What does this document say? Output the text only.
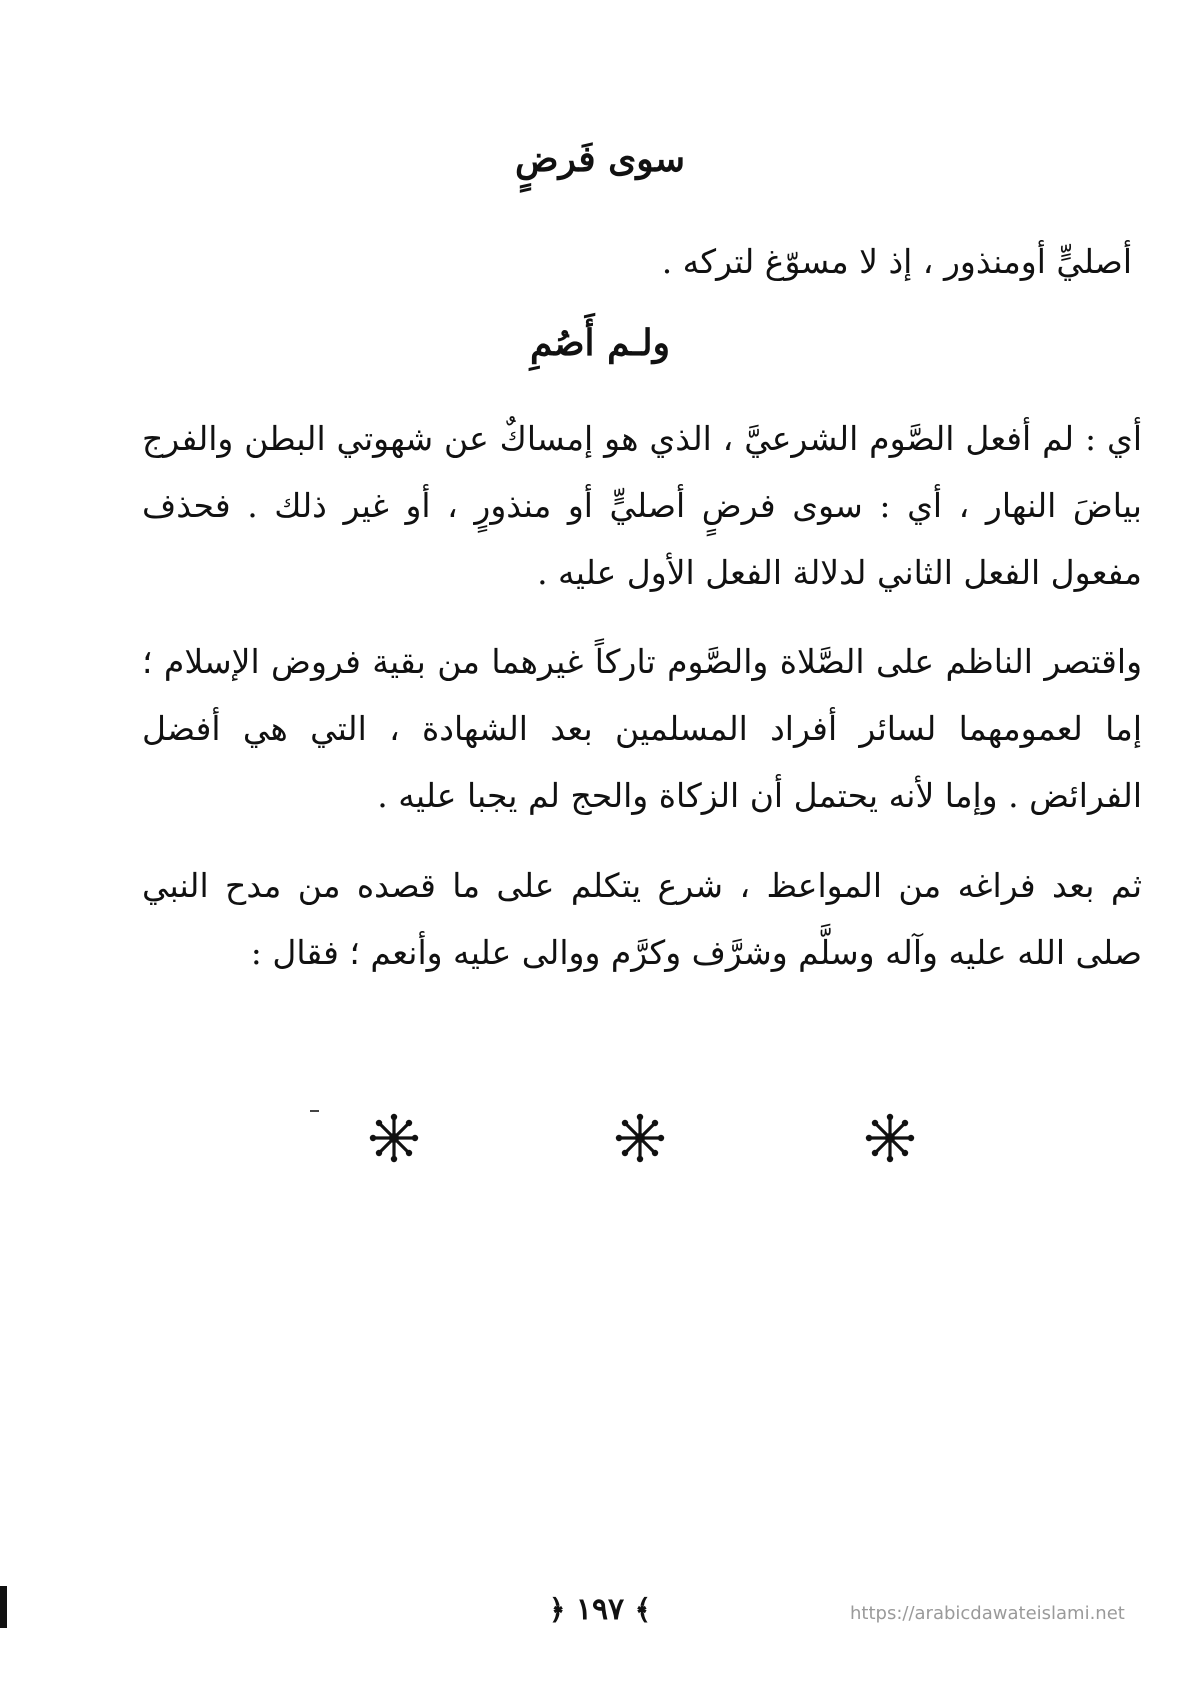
سوى فَرضٍ
أصليٍّ أومنذور ، إذ لا مسوّغ لتركه .
ولـم أَصُمِ
أي : لم أفعل الصَّوم الشرعيَّ ، الذي هو إمساكٌ عن شهوتي البطن والفرج بياضَ النهار ، أي : سوى فرضٍ أصليٍّ أو منذورٍ ، أو غير ذلك . فحذف مفعول الفعل الثاني لدلالة الفعل الأول عليه .
واقتصر الناظم على الصَّلاة والصَّوم تاركاً غيرهما من بقية فروض الإسلام ؛ إما لعمومهما لسائر أفراد المسلمين بعد الشهادة ، التي هي أفضل الفرائض . وإما لأنه يحتمل أن الزكاة والحج لم يجبا عليه .
ثم بعد فراغه من المواعظ ، شرع يتكلم على ما قصده من مدح النبي صلى الله عليه وآله وسلَّم وشرَّف وكرَّم ووالى عليه وأنعم ؛ فقال :
﴿ ١٩٧ ﴾	https://arabicdawateislami.net
